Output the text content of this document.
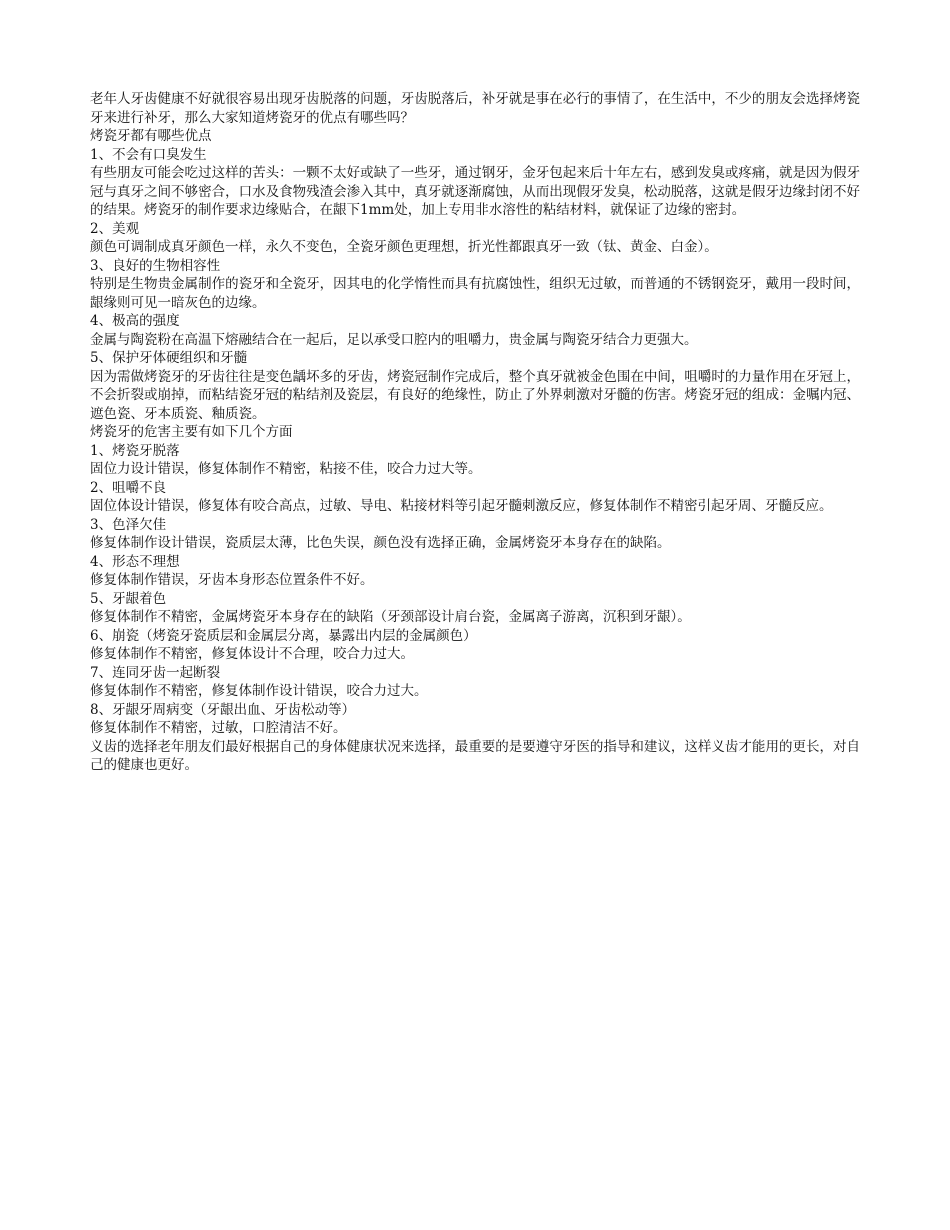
老年人牙齿健康不好就很容易出现牙齿脱落的问题，牙齿脱落后，补牙就是事在必行的事情了，在生活中，不少的朋友会选择烤瓷牙来进行补牙，那么大家知道烤瓷牙的优点有哪些吗？

烤瓷牙都有哪些优点

1、不会有口臭发生

有些朋友可能会吃过这样的苦头：一颗不太好或缺了一些牙，通过钢牙，金牙包起来后十年左右，感到发臭或疼痛，就是因为假牙冠与真牙之间不够密合，口水及食物残渣会渗入其中，真牙就逐渐腐蚀，从而出现假牙发臭，松动脱落，这就是假牙边缘封闭不好的结果。烤瓷牙的制作要求边缘贴合，在龈下1mm处，加上专用非水溶性的粘结材料，就保证了边缘的密封。

2、美观

颜色可调制成真牙颜色一样，永久不变色，全瓷牙颜色更理想，折光性都跟真牙一致（钛、黄金、白金）。

3、良好的生物相容性

特别是生物贵金属制作的瓷牙和全瓷牙，因其电的化学惰性而具有抗腐蚀性，组织无过敏，而普通的不锈钢瓷牙，戴用一段时间，龈缘则可见一暗灰色的边缘。

4、极高的强度

金属与陶瓷粉在高温下熔融结合在一起后，足以承受口腔内的咀嚼力，贵金属与陶瓷牙结合力更强大。

5、保护牙体硬组织和牙髓

因为需做烤瓷牙的牙齿往往是变色龋坏多的牙齿，烤瓷冠制作完成后，整个真牙就被金色围在中间，咀嚼时的力量作用在牙冠上，不会折裂或崩掉，而粘结瓷牙冠的粘结剂及瓷层，有良好的绝缘性，防止了外界刺激对牙髓的伤害。烤瓷牙冠的组成：金嘱内冠、遮色瓷、牙本质瓷、釉质瓷。

烤瓷牙的危害主要有如下几个方面

1、烤瓷牙脱落

固位力设计错误，修复体制作不精密，粘接不佳，咬合力过大等。

2、咀嚼不良

固位体设计错误，修复体有咬合高点，过敏、导电、粘接材料等引起牙髓刺激反应，修复体制作不精密引起牙周、牙髓反应。

3、色泽欠佳

修复体制作设计错误，瓷质层太薄，比色失误，颜色没有选择正确，金属烤瓷牙本身存在的缺陷。

4、形态不理想

修复体制作错误，牙齿本身形态位置条件不好。

5、牙龈着色

修复体制作不精密，金属烤瓷牙本身存在的缺陷（牙颈部设计肩台瓷，金属离子游离，沉积到牙龈）。

6、崩瓷（烤瓷牙瓷质层和金属层分离，暴露出内层的金属颜色）

修复体制作不精密，修复体设计不合理，咬合力过大。

7、连同牙齿一起断裂

修复体制作不精密，修复体制作设计错误，咬合力过大。

8、牙龈牙周病变（牙龈出血、牙齿松动等）

修复体制作不精密，过敏，口腔清洁不好。

义齿的选择老年朋友们最好根据自己的身体健康状况来选择，最重要的是要遵守牙医的指导和建议，这样义齿才能用的更长，对自己的健康也更好。
